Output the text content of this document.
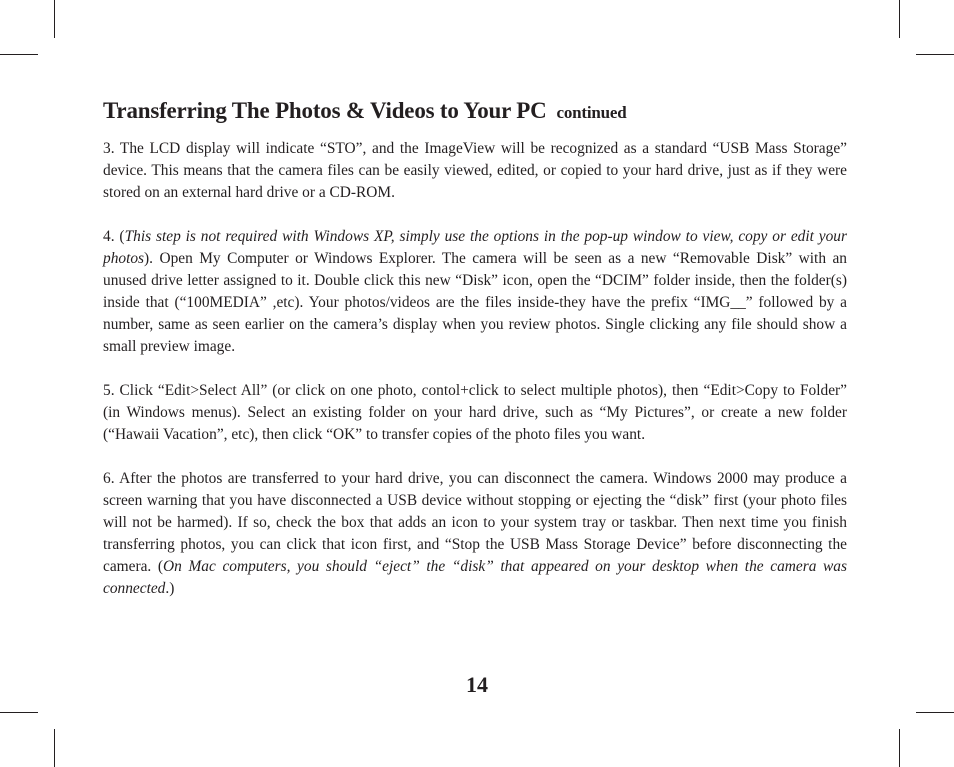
Transferring The Photos & Videos to Your PC continued

3. The LCD display will indicate “STO”, and the ImageView will be recognized as a standard “USB Mass Storage” device. This means that the camera files can be easily viewed, edited, or copied to your hard drive, just as if they were stored on an external hard drive or a CD-ROM.

4. (This step is not required with Windows XP, simply use the options in the pop-up window to view, copy or edit your photos). Open My Computer or Windows Explorer. The camera will be seen as a new “Removable Disk” with an unused drive letter assigned to it. Double click this new “Disk” icon, open the “DCIM” folder inside, then the folder(s) inside that (“100MEDIA” ,etc). Your photos/videos are the files inside-they have the prefix “IMG__” followed by a number, same as seen earlier on the camera’s display when you review photos. Single clicking any file should show a small preview image.

5. Click “Edit>Select All” (or click on one photo, contol+click to select multiple photos), then “Edit>Copy to Folder” (in Windows menus). Select an existing folder on your hard drive, such as “My Pictures”, or create a new folder (“Hawaii Vacation”, etc), then click “OK” to transfer copies of the photo files you want.

6. After the photos are transferred to your hard drive, you can disconnect the camera. Windows 2000 may produce a screen warning that you have disconnected a USB device without stopping or ejecting the “disk” first (your photo files will not be harmed). If so, check the box that adds an icon to your system tray or taskbar. Then next time you finish transferring photos, you can click that icon first, and “Stop the USB Mass Storage Device” before disconnecting the camera. (On Mac computers, you should “eject” the “disk” that appeared on your desktop when the camera was connected.)

14
